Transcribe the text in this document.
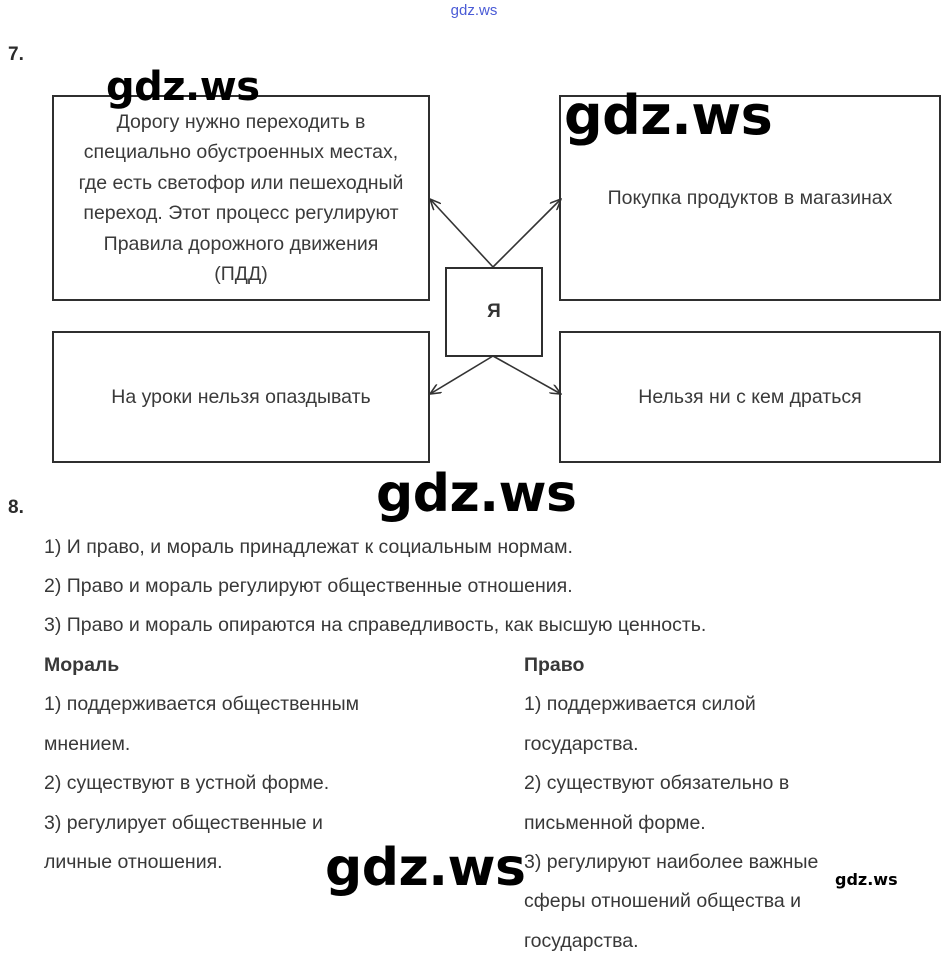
gdz.ws
7.
Дорогу нужно переходить в специально обустроенных местах, где есть светофор или пешеходный переход. Этот процесс регулируют Правила дорожного движения (ПДД)
Покупка продуктов в магазинах
Я
На уроки нельзя опаздывать	Нельзя ни с кем драться
8.
1) И право, и мораль принадлежат к социальным нормам.
2) Право и мораль регулируют общественные отношения.
3) Право и мораль опираются на справедливость, как высшую ценность.
Мораль
1) поддерживается общественным
мнением.
2) существуют в устной форме.
3) регулирует общественные и
личные отношения.
Право
1) поддерживается силой
государства.
2) существуют обязательно в
письменной форме.
3) регулируют наиболее важные
сферы отношений общества и
государства.
gdz.ws	gdz.ws
gdz.ws
gdz.ws	gdz.ws
